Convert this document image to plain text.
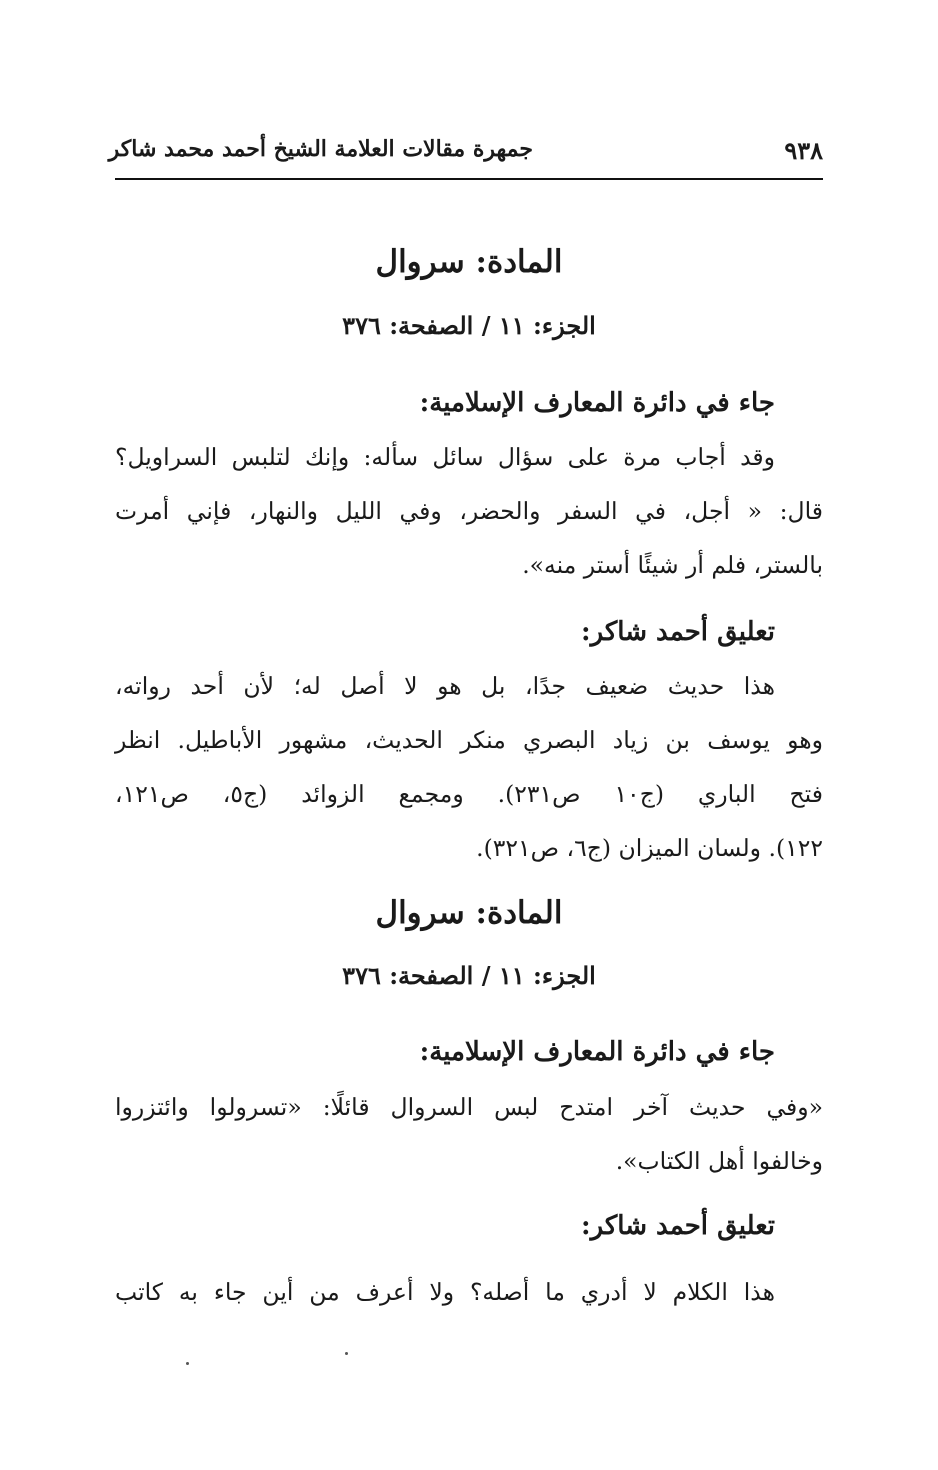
٩٣٨
جمهرة مقالات العلامة الشيخ أحمد محمد شاكر
المادة: سروال
الجزء: ١١ / الصفحة: ٣٧٦
جاء في دائرة المعارف الإسلامية:
وقد أجاب مرة على سؤال سائل سأله: وإنك لتلبس السراويل؟
قال: « أجل، في السفر والحضر، وفي الليل والنهار، فإني أمرت
بالستر، فلم أر شيئًا أستر منه».
تعليق أحمد شاكر:
هذا حديث ضعيف جدًا، بل هو لا أصل له؛ لأن أحد رواته،
وهو يوسف بن زياد البصري منكر الحديث، مشهور الأباطيل. انظر
فتح الباري (ج١٠ ص٢٣١). ومجمع الزوائد (ج٥، ص١٢١،
١٢٢). ولسان الميزان (ج٦، ص٣٢١).
المادة: سروال
الجزء: ١١ / الصفحة: ٣٧٦
جاء في دائرة المعارف الإسلامية:
«وفي حديث آخر امتدح لبس السروال قائلًا: «تسرولوا وائتزروا
وخالفوا أهل الكتاب».
تعليق أحمد شاكر:
هذا الكلام لا أدري ما أصله؟ ولا أعرف من أين جاء به كاتب
